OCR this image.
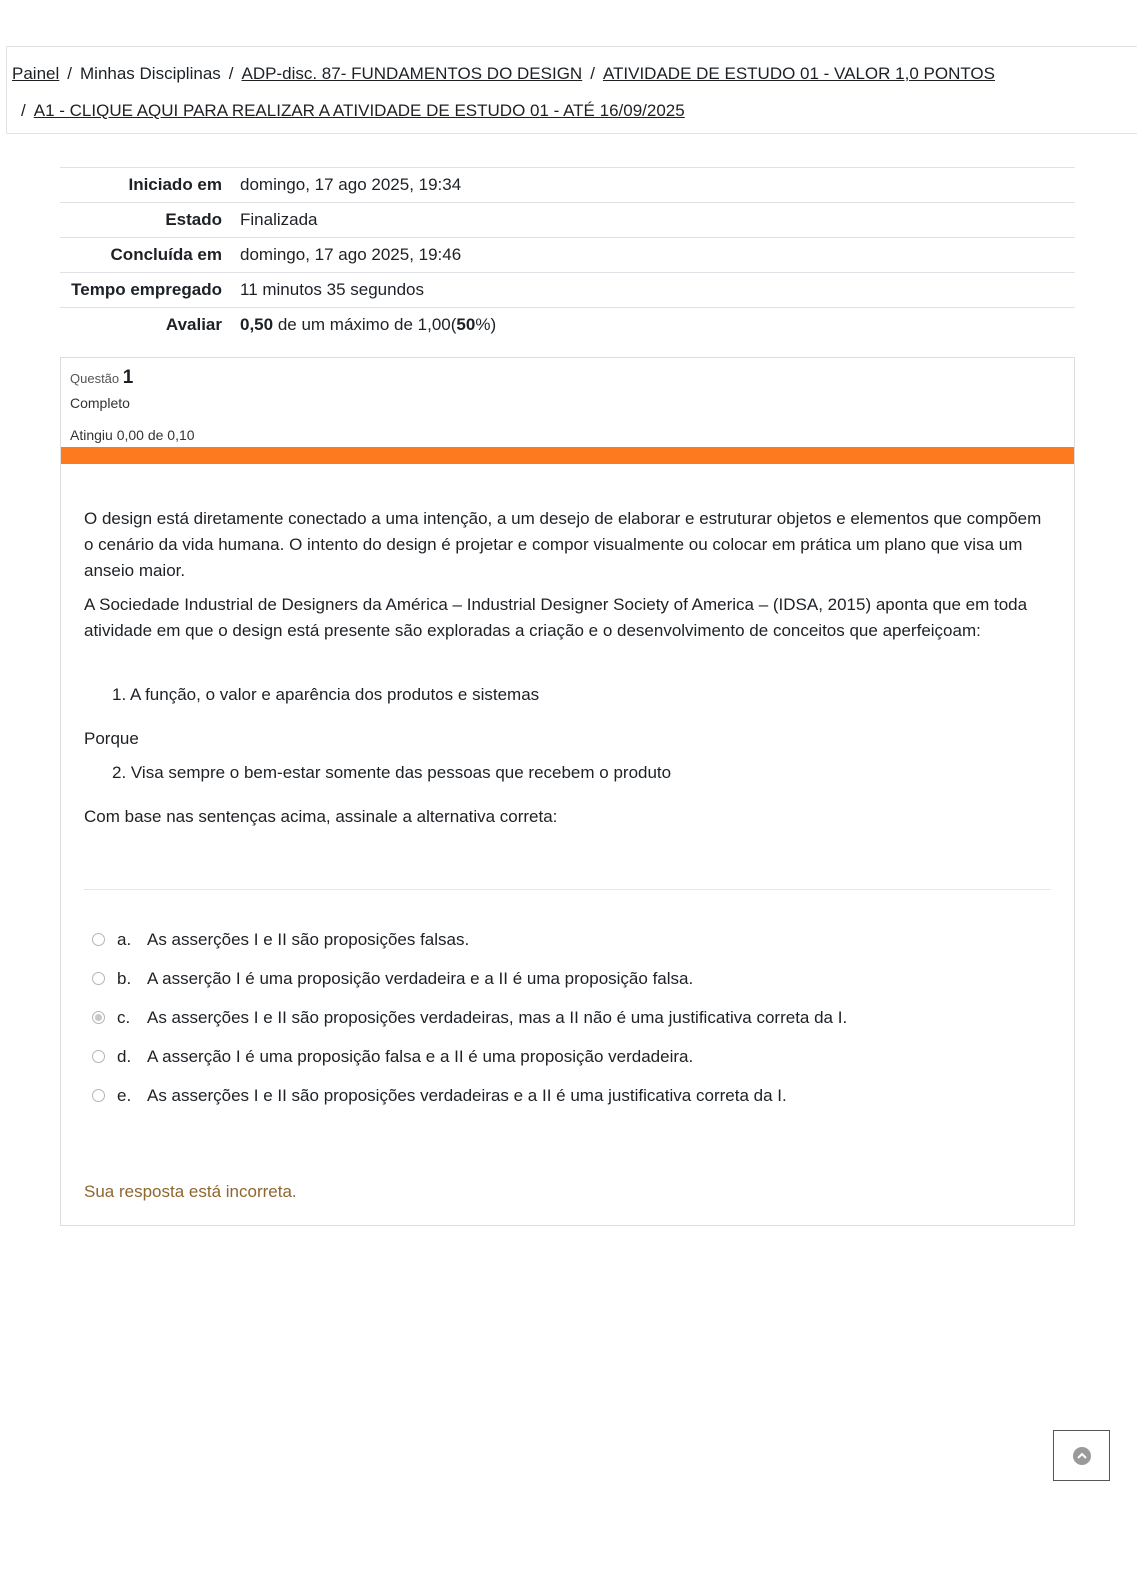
Painel / Minhas Disciplinas / ADP-disc. 87- FUNDAMENTOS DO DESIGN / ATIVIDADE DE ESTUDO 01 - VALOR 1,0 PONTOS
/ A1 - CLIQUE AQUI PARA REALIZAR A ATIVIDADE DE ESTUDO 01 - ATÉ 16/09/2025
Iniciado em	domingo, 17 ago 2025, 19:34
Estado	Finalizada
Concluída em	domingo, 17 ago 2025, 19:46
Tempo empregado	11 minutos 35 segundos
Avaliar	0,50 de um máximo de 1,00(50%)
Questão 1
Completo
Atingiu 0,00 de 0,10

O design está diretamente conectado a uma intenção, a um desejo de elaborar e estruturar objetos e elementos que compõem o cenário da vida humana. O intento do design é projetar e compor visualmente ou colocar em prática um plano que visa um anseio maior.

A Sociedade Industrial de Designers da América – Industrial Designer Society of America – (IDSA, 2015) aponta que em toda atividade em que o design está presente são exploradas a criação e o desenvolvimento de conceitos que aperfeiçoam:

1. A função, o valor e aparência dos produtos e sistemas

Porque

2. Visa sempre o bem-estar somente das pessoas que recebem o produto

Com base nas sentenças acima, assinale a alternativa correta:

a. As asserções I e II são proposições falsas.
b. A asserção I é uma proposição verdadeira e a II é uma proposição falsa.
c. As asserções I e II são proposições verdadeiras, mas a II não é uma justificativa correta da I.
d. A asserção I é uma proposição falsa e a II é uma proposição verdadeira.
e. As asserções I e II são proposições verdadeiras e a II é uma justificativa correta da I.
Sua resposta está incorreta.
